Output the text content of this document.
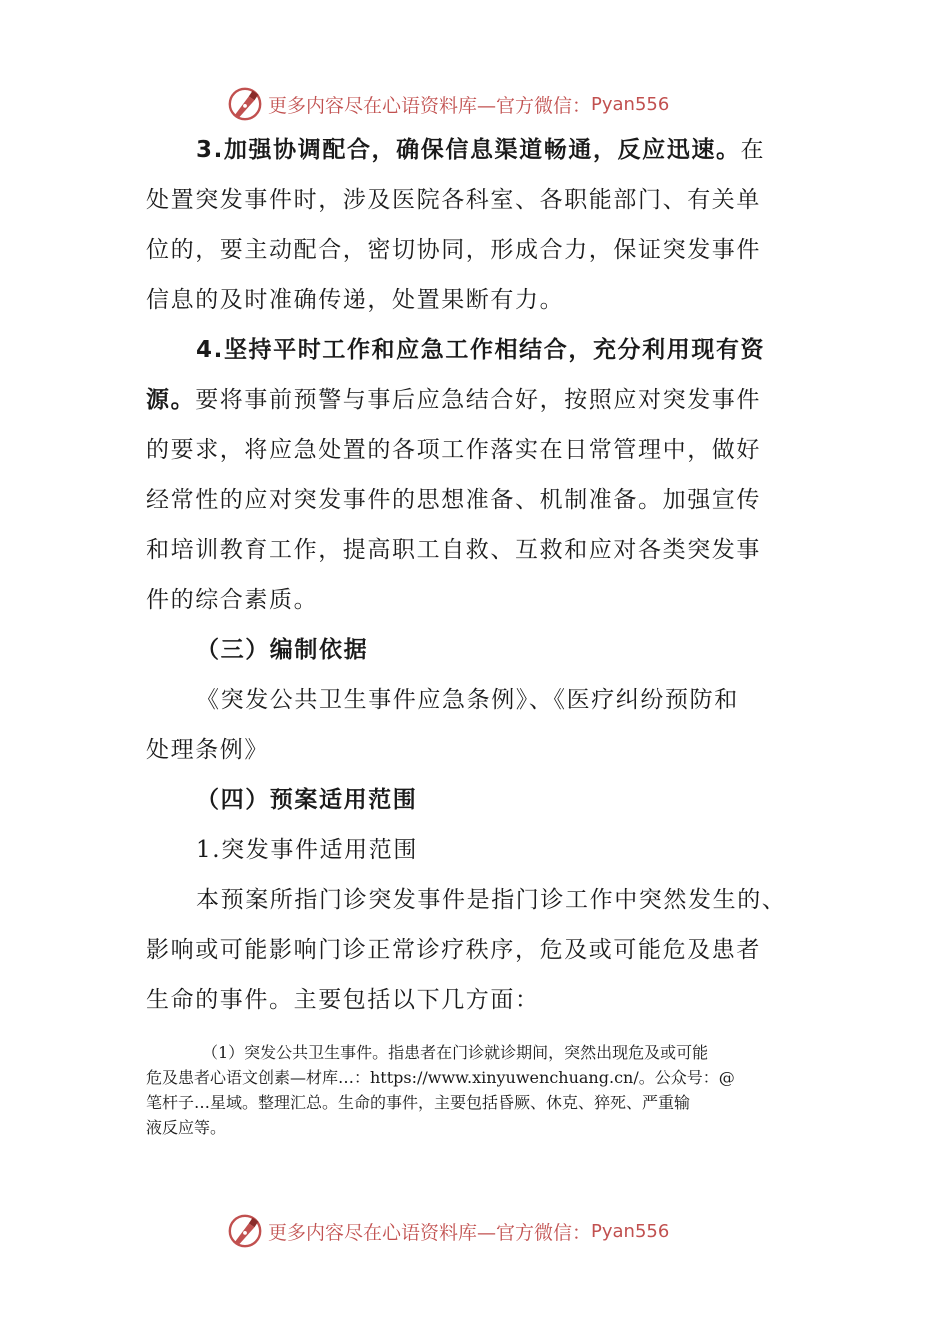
更多内容尽在心语资料库—官方微信： Pyan556
3.加强协调配合，确保信息渠道畅通，反应迅速。在
处置突发事件时，涉及医院各科室、各职能部门、有关单
位的，要主动配合，密切协同，形成合力，保证突发事件
信息的及时准确传递，处置果断有力。
4.坚持平时工作和应急工作相结合，充分利用现有资
源。要将事前预警与事后应急结合好，按照应对突发事件
的要求，将应急处置的各项工作落实在日常管理中，做好
经常性的应对突发事件的思想准备、机制准备。加强宣传
和培训教育工作，提高职工自救、互救和应对各类突发事
件的综合素质。
（三）编制依据
《突发公共卫生事件应急条例》、《医疗纠纷预防和
处理条例》
（四）预案适用范围
1.突发事件适用范围
本预案所指门诊突发事件是指门诊工作中突然发生的、
影响或可能影响门诊正常诊疗秩序，危及或可能危及患者
生命的事件。主要包括以下几方面：
（1）突发公共卫生事件。指患者在门诊就诊期间，突然出现危及或可能
危及患者心语文创素—材库…：https://www.xinyuwenchuang.cn/。公众号：@
笔杆子…星域。整理汇总。生命的事件，主要包括昏厥、休克、猝死、严重输
液反应等。
更多内容尽在心语资料库—官方微信： Pyan556
